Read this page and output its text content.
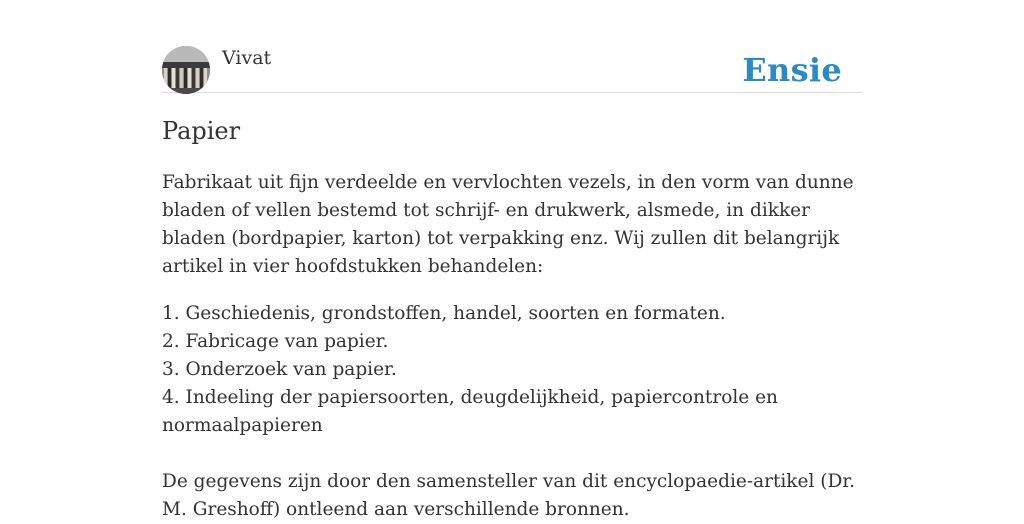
Vivat	Ensie
Papier

Fabrikaat uit fijn verdeelde en vervlochten vezels, in den vorm van dunne bladen of vellen bestemd tot schrijf- en drukwerk, alsmede, in dikker bladen (bordpapier, karton) tot verpakking enz. Wij zullen dit belangrijk artikel in vier hoofdstukken behandelen:

1. Geschiedenis, grondstoffen, handel, soorten en formaten.
2. Fabricage van papier.
3. Onderzoek van papier.
4. Indeeling der papiersoorten, deugdelijkheid, papiercontrole en normaalpapieren

De gegevens zijn door den samensteller van dit encyclopaedie-artikel (Dr. M. Greshoff) ontleend aan verschillende bronnen.
